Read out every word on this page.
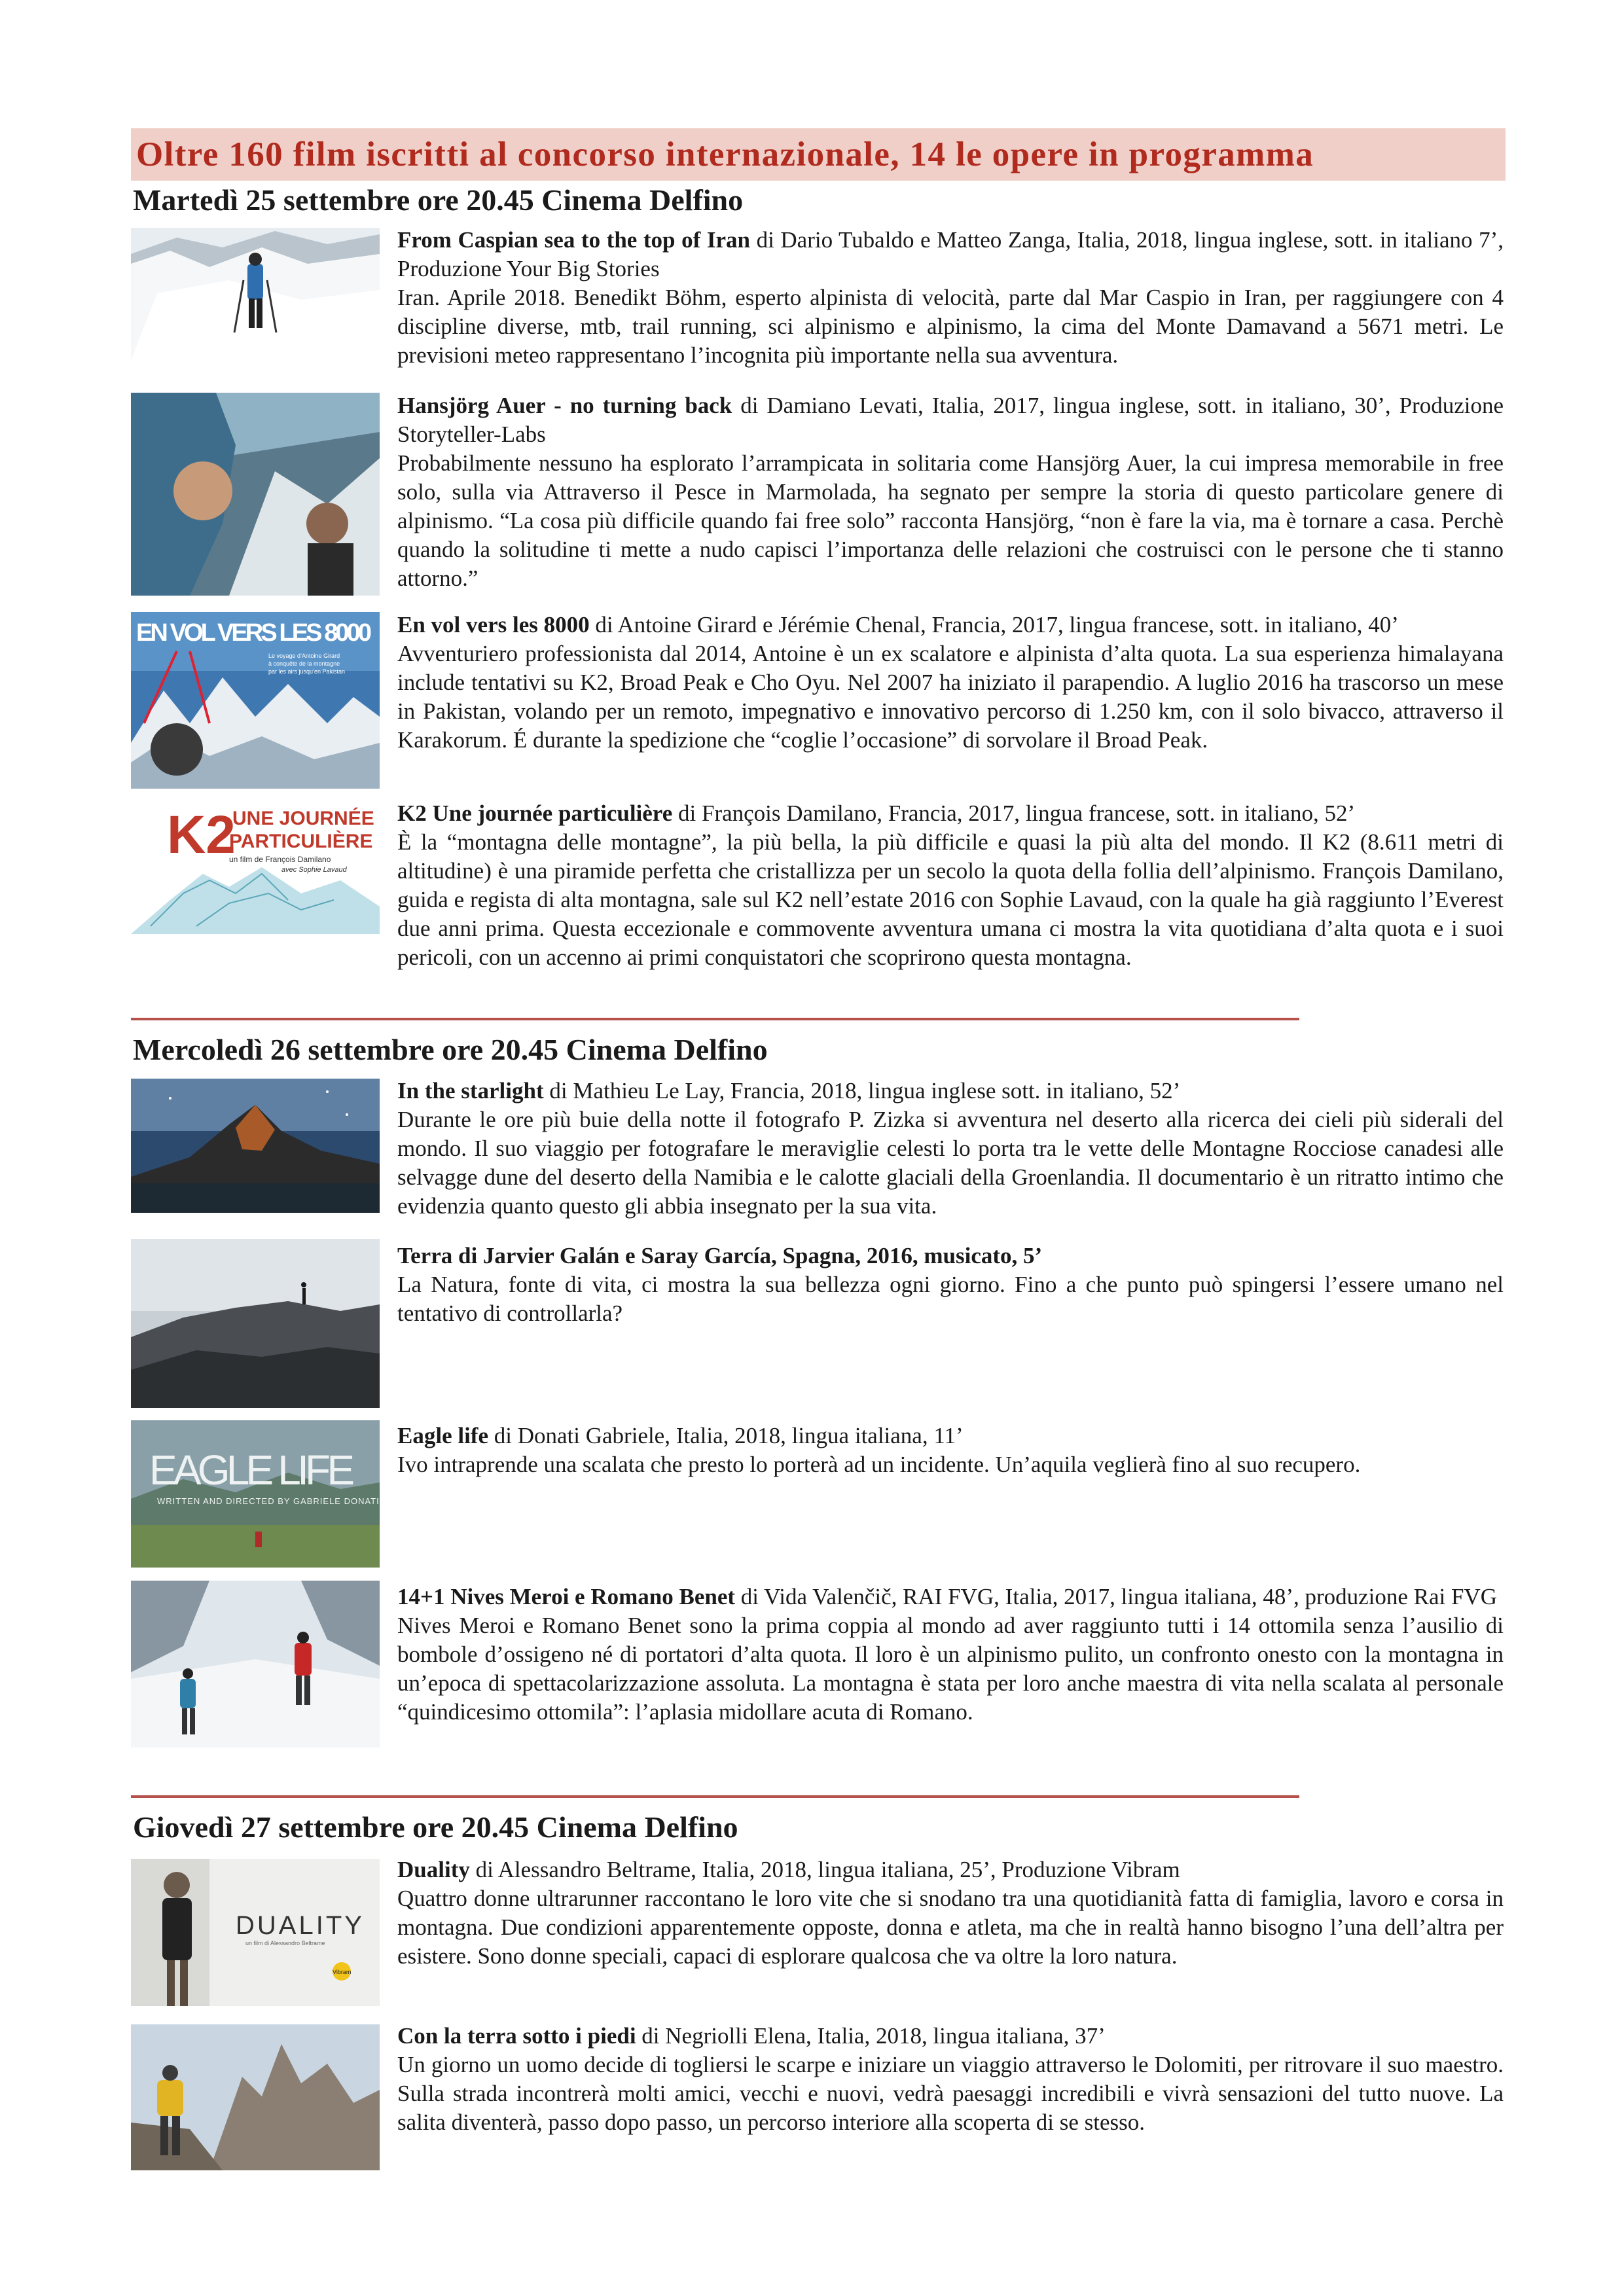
Oltre 160 film iscritti al concorso internazionale, 14 le opere in programma
Martedì 25 settembre ore 20.45 Cinema Delfino

From Caspian sea to the top of Iran di Dario Tubaldo e Matteo Zanga, Italia, 2018, lingua inglese, sott. in italiano 7’, Produzione Your Big Stories

Iran. Aprile 2018. Benedikt Böhm, esperto alpinista di velocità, parte dal Mar Caspio in Iran, per raggiungere con 4 discipline diverse, mtb, trail running, sci alpinismo e alpinismo, la cima del Monte Damavand a 5671 metri. Le previsioni meteo rappresentano l’incognita più importante nella sua avventura.

Hansjörg Auer - no turning back di Damiano Levati, Italia, 2017, lingua inglese, sott. in italiano, 30’, Produzione Storyteller-Labs

Probabilmente nessuno ha esplorato l’arrampicata in solitaria come Hansjörg Auer, la cui impresa memorabile in free solo, sulla via Attraverso il Pesce in Marmolada, ha segnato per sempre la storia di questo particolare genere di alpinismo. “La cosa più difficile quando fai free solo” racconta Hansjörg, “non è fare la via, ma è tornare a casa. Perchè quando la solitudine ti mette a nudo capisci l’importanza delle relazioni che costruisci con le persone che ti stanno attorno.”

EN VOL VERS LES 8000
Le voyage d’Antoine Girard
à conquête de la montagne
par les airs jusqu’en Pakistan

En vol vers les 8000 di Antoine Girard e Jérémie Chenal, Francia, 2017, lingua francese, sott. in italiano, 40’

Avventuriero professionista dal 2014, Antoine è un ex scalatore e alpinista d’alta quota. La sua esperienza himalayana include tentativi su K2, Broad Peak e Cho Oyu. Nel 2007 ha iniziato il parapendio. A luglio 2016 ha trascorso un mese in Pakistan, volando per un remoto, impegnativo e innovativo percorso di 1.250 km, con il solo bivacco, attraverso il Karakorum. É durante la spedizione che “coglie l’occasione” di sorvolare il Broad Peak.

K2
UNE JOURNÉE
PARTICULIÈRE
un film de François Damilano
avec Sophie Lavaud

K2 Une journée particulière di François Damilano, Francia, 2017, lingua francese, sott. in italiano, 52’

È la “montagna delle montagne”, la più bella, la più difficile e quasi la più alta del mondo. Il K2 (8.611 metri di altitudine) è una piramide perfetta che cristallizza per un secolo la quota della follia dell’alpinismo. François Damilano, guida e regista di alta montagna, sale sul K2 nell’estate 2016 con Sophie Lavaud, con la quale ha già raggiunto l’Everest due anni prima. Questa eccezionale e commovente avventura umana ci mostra la vita quotidiana d’alta quota e i suoi pericoli, con un accenno ai primi conquistatori che scoprirono questa montagna.

Mercoledì 26 settembre ore 20.45 Cinema Delfino

In the starlight di Mathieu Le Lay, Francia, 2018, lingua inglese sott. in italiano, 52’

Durante le ore più buie della notte il fotografo P. Zizka si avventura nel deserto alla ricerca dei cieli più siderali del mondo. Il suo viaggio per fotografare le meraviglie celesti lo porta tra le vette delle Montagne Rocciose canadesi alle selvagge dune del deserto della Namibia e le calotte glaciali della Groenlandia. Il documentario è un ritratto intimo che evidenzia quanto questo gli abbia insegnato per la sua vita.

Terra di Jarvier Galán e Saray García, Spagna, 2016, musicato, 5’

La Natura, fonte di vita, ci mostra la sua bellezza ogni giorno. Fino a che punto può spingersi l’essere umano nel tentativo di controllarla?

EAGLE LIFE
WRITTEN AND DIRECTED BY GABRIELE DONATI

Eagle life di Donati Gabriele, Italia, 2018, lingua italiana, 11’

Ivo intraprende una scalata che presto lo porterà ad un incidente. Un’aquila veglierà fino al suo recupero.

14+1 Nives Meroi e Romano Benet di Vida Valenčič, RAI FVG, Italia, 2017, lingua italiana, 48’, produzione Rai FVG

Nives Meroi e Romano Benet sono la prima coppia al mondo ad aver raggiunto tutti i 14 ottomila senza l’ausilio di bombole d’ossigeno né di portatori d’alta quota. Il loro è un alpinismo pulito, un confronto onesto con la montagna in un’epoca di spettacolarizzazione assoluta. La montagna è stata per loro anche maestra di vita nella scalata al personale “quindicesimo ottomila”: l’aplasia midollare acuta di Romano.

Giovedì 27 settembre ore 20.45 Cinema Delfino
DUALITY
un film di Alessandro Beltrame
Vibram

Duality di Alessandro Beltrame, Italia, 2018, lingua italiana, 25’, Produzione Vibram

Quattro donne ultrarunner raccontano le loro vite che si snodano tra una quotidianità fatta di famiglia, lavoro e corsa in montagna. Due condizioni apparentemente opposte, donna e atleta, ma che in realtà hanno bisogno l’una dell’altra per esistere. Sono donne speciali, capaci di esplorare qualcosa che va oltre la loro natura.

Con la terra sotto i piedi di Negriolli Elena, Italia, 2018, lingua italiana, 37’

Un giorno un uomo decide di togliersi le scarpe e iniziare un viaggio attraverso le Dolomiti, per ritrovare il suo maestro. Sulla strada incontrerà molti amici, vecchi e nuovi, vedrà paesaggi incredibili e vivrà sensazioni del tutto nuove. La salita diventerà, passo dopo passo, un percorso interiore alla scoperta di se stesso.
